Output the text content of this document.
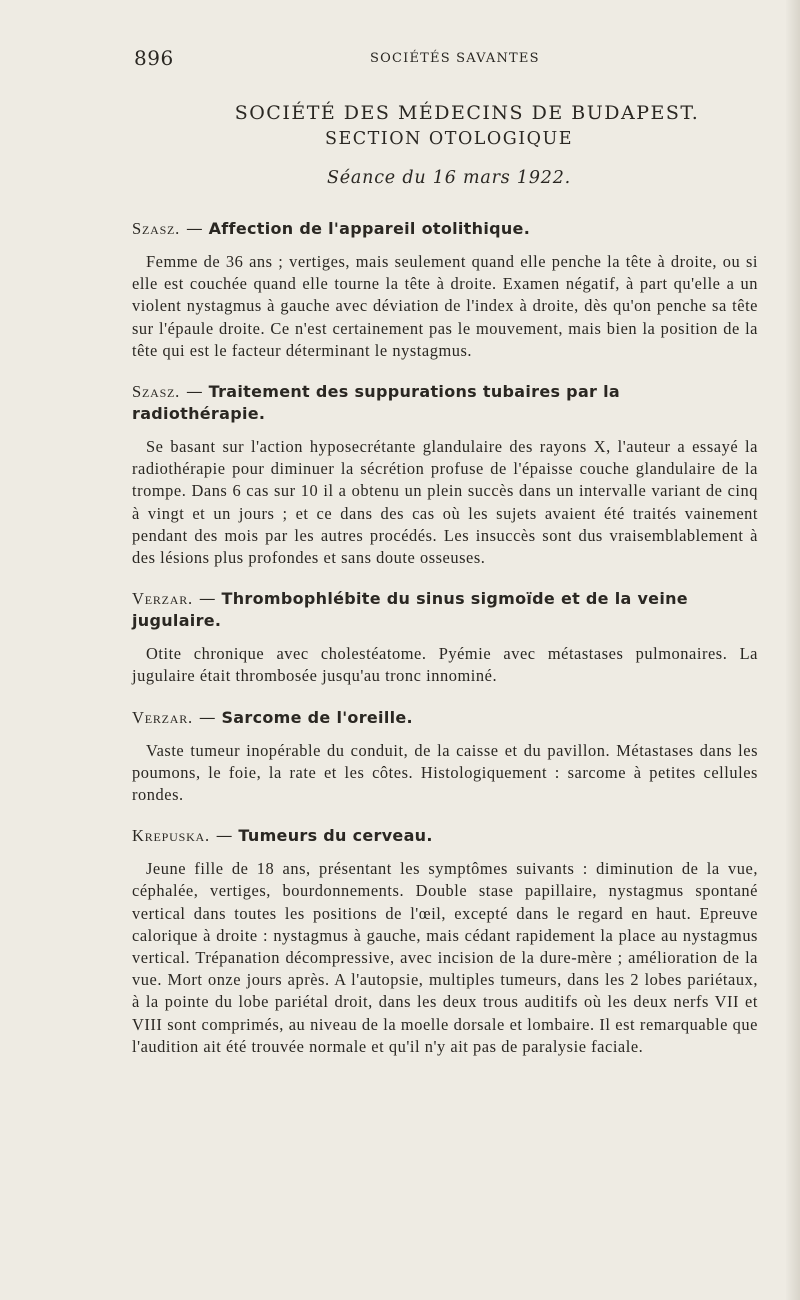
896	SOCIÉTÉS SAVANTES
SOCIÉTÉ DES MÉDECINS DE BUDAPEST.
SECTION OTOLOGIQUE
Séance du 16 mars 1922.

Szasz. — Affection de l'appareil otolithique.

Femme de 36 ans ; vertiges, mais seulement quand elle penche la tête à droite, ou si elle est couchée quand elle tourne la tête à droite. Examen négatif, à part qu'elle a un violent nystagmus à gauche avec déviation de l'index à droite, dès qu'on penche sa tête sur l'épaule droite. Ce n'est certainement pas le mouvement, mais bien la position de la tête qui est le facteur déterminant le nystagmus.

Szasz. — Traitement des suppurations tubaires par la radiothérapie.

Se basant sur l'action hyposecrétante glandulaire des rayons X, l'auteur a essayé la radiothérapie pour diminuer la sécrétion profuse de l'épaisse couche glandulaire de la trompe. Dans 6 cas sur 10 il a obtenu un plein succès dans un intervalle variant de cinq à vingt et un jours ; et ce dans des cas où les sujets avaient été traités vainement pendant des mois par les autres procédés. Les insuccès sont dus vraisemblablement à des lésions plus profondes et sans doute osseuses.

Verzar. — Thrombophlébite du sinus sigmoïde et de la veine jugulaire.

Otite chronique avec cholestéatome. Pyémie avec métastases pulmonaires. La jugulaire était thrombosée jusqu'au tronc innominé.

Verzar. — Sarcome de l'oreille.

Vaste tumeur inopérable du conduit, de la caisse et du pavillon. Métastases dans les poumons, le foie, la rate et les côtes. Histologiquement : sarcome à petites cellules rondes.

Krepuska. — Tumeurs du cerveau.

Jeune fille de 18 ans, présentant les symptômes suivants : diminution de la vue, céphalée, vertiges, bourdonnements. Double stase papillaire, nystagmus spontané vertical dans toutes les positions de l'œil, excepté dans le regard en haut. Epreuve calorique à droite : nystagmus à gauche, mais cédant rapidement la place au nystagmus vertical. Trépanation décompressive, avec incision de la dure-mère ; amélioration de la vue. Mort onze jours après. A l'autopsie, multiples tumeurs, dans les 2 lobes pariétaux, à la pointe du lobe pariétal droit, dans les deux trous auditifs où les deux nerfs VII et VIII sont comprimés, au niveau de la moelle dorsale et lombaire. Il est remarquable que l'audition ait été trouvée normale et qu'il n'y ait pas de paralysie faciale.
